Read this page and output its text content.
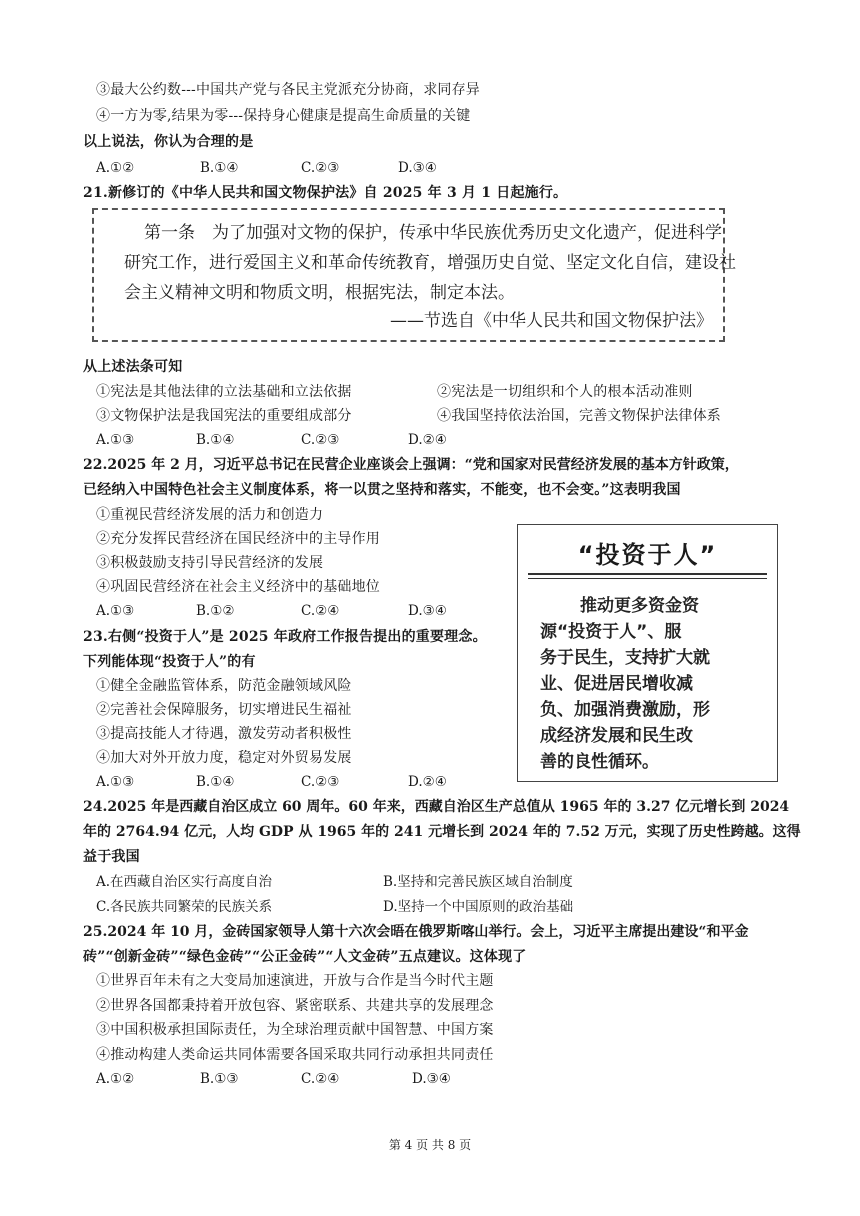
③最大公约数---中国共产党与各民主党派充分协商，求同存异
④一方为零,结果为零---保持身心健康是提高生命质量的关键
以上说法，你认为合理的是
A.①②	B.①④	C.②③	D.③④
21.新修订的《中华人民共和国文物保护法》自 2025 年 3 月 1 日起施行。
第一条　为了加强对文物的保护，传承中华民族优秀历史文化遗产，促进科学
研究工作，进行爱国主义和革命传统教育，增强历史自觉、坚定文化自信，建设社
会主义精神文明和物质文明，根据宪法，制定本法。
——节选自《中华人民共和国文物保护法》
从上述法条可知
①宪法是其他法律的立法基础和立法依据	②宪法是一切组织和个人的根本活动准则
③文物保护法是我国宪法的重要组成部分	④我国坚持依法治国，完善文物保护法律体系
A.①③	B.①④	C.②③	D.②④
22.2025 年 2 月，习近平总书记在民营企业座谈会上强调：“党和国家对民营经济发展的基本方针政策，
已经纳入中国特色社会主义制度体系，将一以贯之坚持和落实，不能变，也不会变。”这表明我国
①重视民营经济发展的活力和创造力
②充分发挥民营经济在国民经济中的主导作用
③积极鼓励支持引导民营经济的发展
④巩固民营经济在社会主义经济中的基础地位
A.①③	B.①②	C.②④	D.③④
23.右侧“投资于人”是 2025 年政府工作报告提出的重要理念。
下列能体现“投资于人”的有
①健全金融监管体系，防范金融领域风险
②完善社会保障服务，切实增进民生福祉
③提高技能人才待遇，激发劳动者积极性
④加大对外开放力度，稳定对外贸易发展
A.①③	B.①④	C.②③	D.②④
“投资于人”
推动更多资金资
源“投资于人”、服
务于民生，支持扩大就
业、促进居民增收减
负、加强消费激励，形
成经济发展和民生改
善的良性循环。
24.2025 年是西藏自治区成立 60 周年。60 年来，西藏自治区生产总值从 1965 年的 3.27 亿元增长到 2024
年的 2764.94 亿元，人均 GDP 从 1965 年的 241 元增长到 2024 年的 7.52 万元，实现了历史性跨越。这得
益于我国
A.在西藏自治区实行高度自治	B.坚持和完善民族区域自治制度
C.各民族共同繁荣的民族关系	D.坚持一个中国原则的政治基础
25.2024 年 10 月，金砖国家领导人第十六次会晤在俄罗斯喀山举行。会上，习近平主席提出建设“和平金
砖”“创新金砖”“绿色金砖”“公正金砖”“人文金砖”五点建议。这体现了
①世界百年未有之大变局加速演进，开放与合作是当今时代主题
②世界各国都秉持着开放包容、紧密联系、共建共享的发展理念
③中国积极承担国际责任，为全球治理贡献中国智慧、中国方案
④推动构建人类命运共同体需要各国采取共同行动承担共同责任
A.①②	B.①③	C.②④	D.③④
第 4 页 共 8 页
